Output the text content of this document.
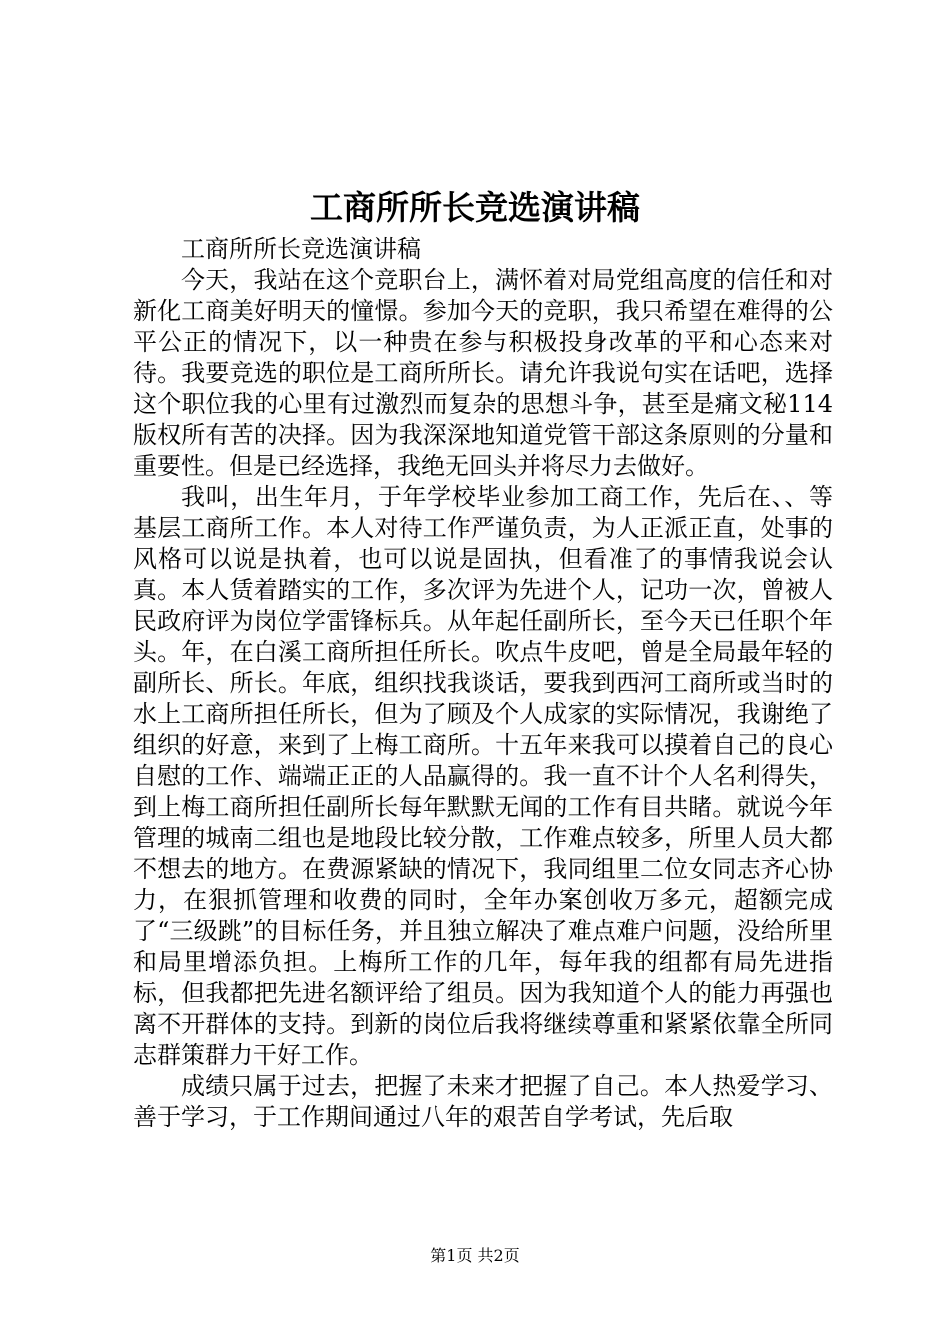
工商所所长竞选演讲稿

工商所所长竞选演讲稿

今天，我站在这个竞职台上，满怀着对局党组高度的信任和对新化工商美好明天的憧憬。参加今天的竞职，我只希望在难得的公平公正的情况下，以一种贵在参与积极投身改革的平和心态来对待。我要竞选的职位是工商所所长。请允许我说句实在话吧，选择这个职位我的心里有过激烈而复杂的思想斗争，甚至是痛文秘114版权所有苦的决择。因为我深深地知道党管干部这条原则的分量和重要性。但是已经选择，我绝无回头并将尽力去做好。

我叫，出生年月，于年学校毕业参加工商工作，先后在、、等基层工商所工作。本人对待工作严谨负责，为人正派正直，处事的风格可以说是执着，也可以说是固执，但看准了的事情我说会认真。本人赁着踏实的工作，多次评为先进个人，记功一次，曾被人民政府评为岗位学雷锋标兵。从年起任副所长，至今天已任职个年头。年，在白溪工商所担任所长。吹点牛皮吧，曾是全局最年轻的副所长、所长。年底，组织找我谈话，要我到西河工商所或当时的水上工商所担任所长，但为了顾及个人成家的实际情况，我谢绝了组织的好意，来到了上梅工商所。十五年来我可以摸着自己的良心自慰的工作、端端正正的人品赢得的。我一直不计个人名利得失，到上梅工商所担任副所长每年默默无闻的工作有目共睹。就说今年管理的城南二组也是地段比较分散，工作难点较多，所里人员大都不想去的地方。在费源紧缺的情况下，我同组里二位女同志齐心协力，在狠抓管理和收费的同时，全年办案创收万多元，超额完成了“三级跳”的目标任务，并且独立解决了难点难户问题，没给所里和局里增添负担。上梅所工作的几年，每年我的组都有局先进指标，但我都把先进名额评给了组员。因为我知道个人的能力再强也离不开群体的支持。到新的岗位后我将继续尊重和紧紧依靠全所同志群策群力干好工作。

成绩只属于过去，把握了未来才把握了自己。本人热爱学习、善于学习，于工作期间通过八年的艰苦自学考试，先后取

第1页 共2页
